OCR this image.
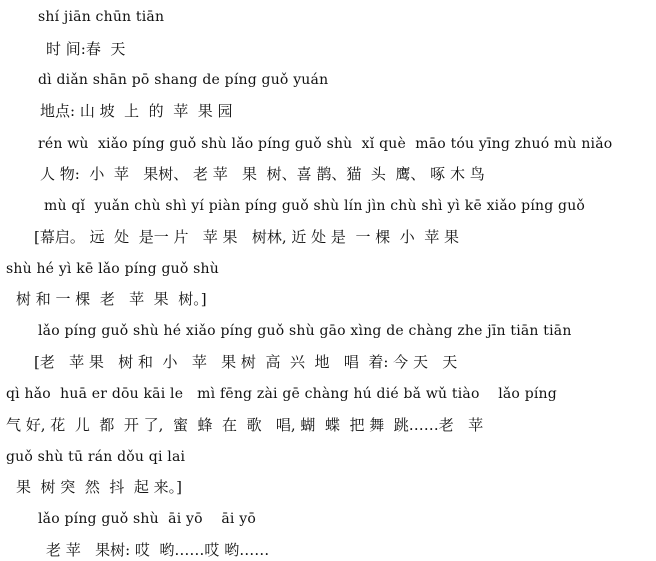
shí jiān chūn tiān
时 间:春  天
dì diǎn shān pō shang de píng guǒ yuán
地点: 山 坡  上  的  苹  果 园
rén wù  xiǎo píng guǒ shù lǎo píng guǒ shù  xǐ què  māo tóu yīng zhuó mù niǎo
人 物:  小  苹   果树、 老 苹   果  树、喜 鹊、猫  头  鹰、 啄 木 鸟
mù qǐ  yuǎn chù shì yí piàn píng guǒ shù lín jìn chù shì yì kē xiǎo píng guǒ
[幕启。 远  处  是一 片   苹 果   树林, 近 处 是  一 棵  小  苹 果
shù hé yì kē lǎo píng guǒ shù
树 和 一 棵  老   苹  果  树。]
lǎo píng guǒ shù hé xiǎo píng guǒ shù gāo xìng de chàng zhe jīn tiān tiān
[老   苹 果   树 和  小   苹   果 树  高  兴  地   唱  着: 今 天   天
qì hǎo  huā er dōu kāi le   mì fēng zài gē chàng hú dié bǎ wǔ tiào    lǎo píng
气 好, 花  儿  都  开 了,  蜜  蜂  在  歌   唱, 蝴  蝶  把 舞  跳……老   苹
guǒ shù tū rán dǒu qi lai
果  树 突  然  抖  起 来。]
lǎo píng guǒ shù  āi yō    āi yō
老 苹   果树: 哎  哟……哎 哟……
